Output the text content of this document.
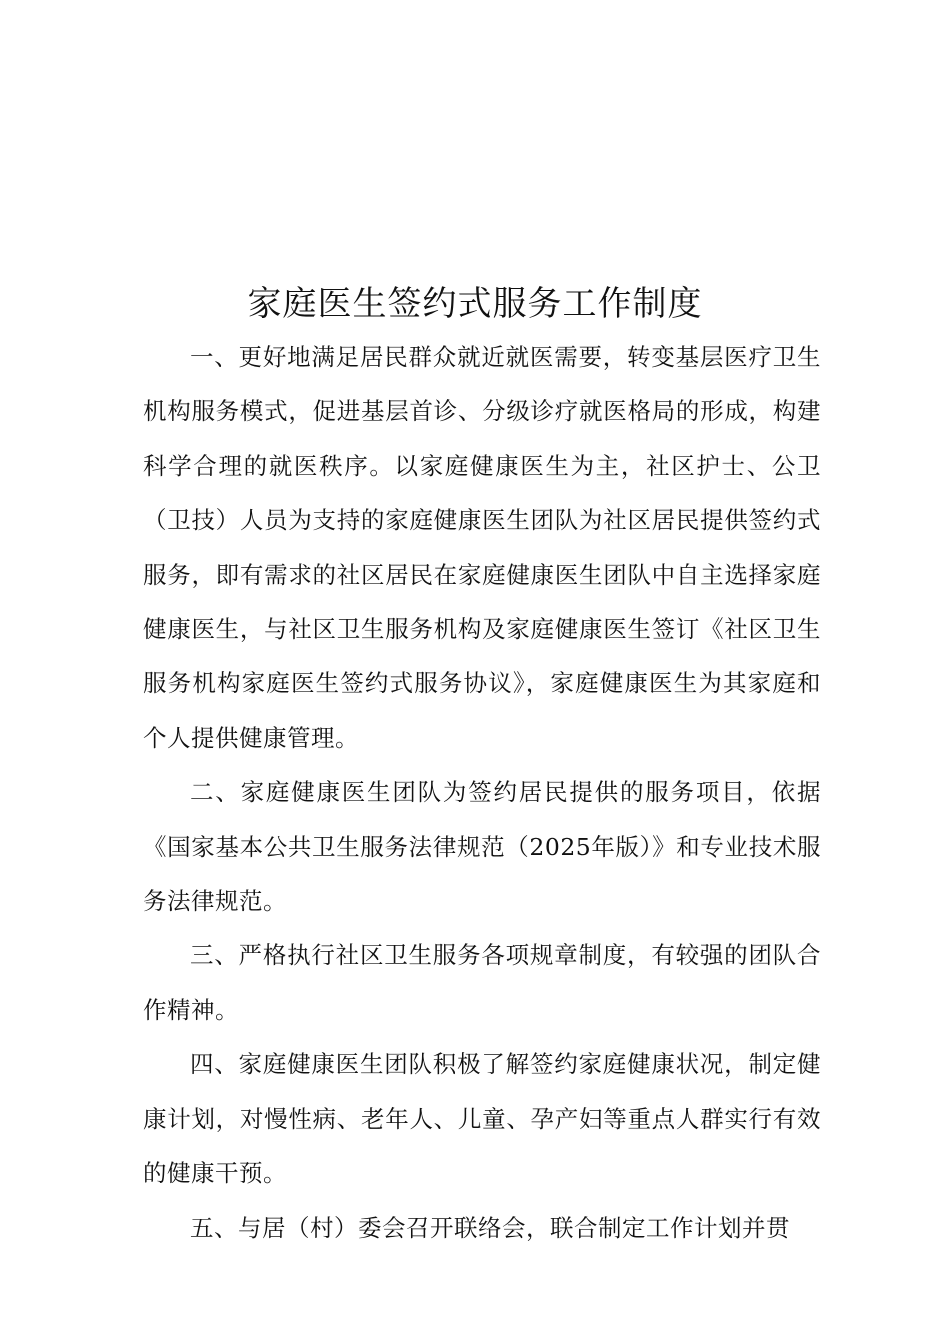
家庭医生签约式服务工作制度

一、更好地满足居民群众就近就医需要，转变基层医疗卫生机构服务模式，促进基层首诊、分级诊疗就医格局的形成，构建科学合理的就医秩序。以家庭健康医生为主，社区护士、公卫（卫技）人员为支持的家庭健康医生团队为社区居民提供签约式服务，即有需求的社区居民在家庭健康医生团队中自主选择家庭健康医生，与社区卫生服务机构及家庭健康医生签订《社区卫生服务机构家庭医生签约式服务协议》，家庭健康医生为其家庭和个人提供健康管理。

二、家庭健康医生团队为签约居民提供的服务项目，依据《国家基本公共卫生服务法律规范（2025年版）》和专业技术服务法律规范。

三、严格执行社区卫生服务各项规章制度，有较强的团队合作精神。

四、家庭健康医生团队积极了解签约家庭健康状况，制定健康计划，对慢性病、老年人、儿童、孕产妇等重点人群实行有效的健康干预。

五、与居（村）委会召开联络会，联合制定工作计划并贯
